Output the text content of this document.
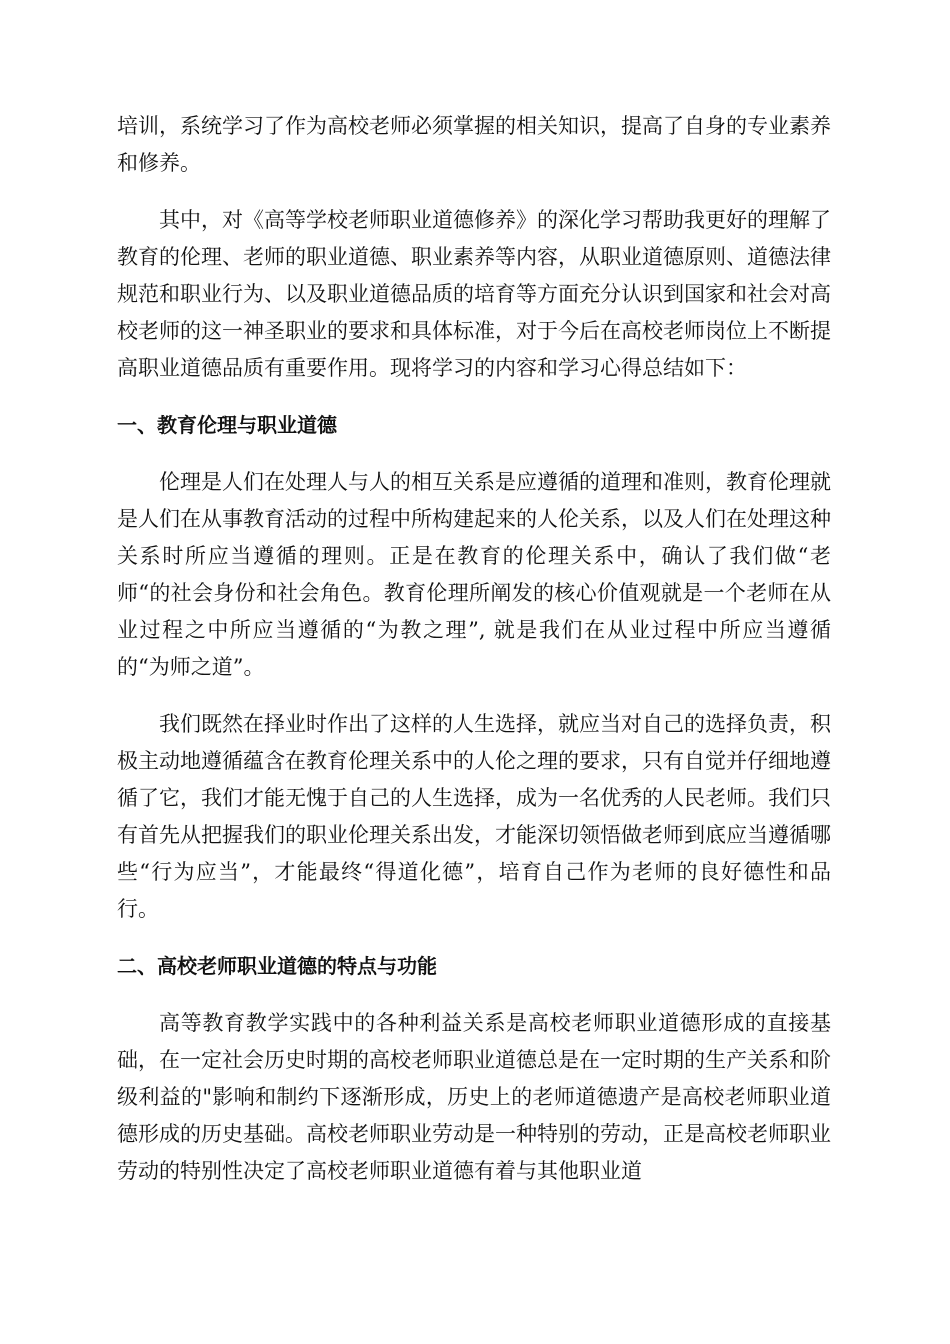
培训，系统学习了作为高校老师必须掌握的相关知识，提高了自身的专业素养和修养。

其中，对《高等学校老师职业道德修养》的深化学习帮助我更好的理解了教育的伦理、老师的职业道德、职业素养等内容，从职业道德原则、道德法律规范和职业行为、以及职业道德品质的培育等方面充分认识到国家和社会对高校老师的这一神圣职业的要求和具体标准，对于今后在高校老师岗位上不断提高职业道德品质有重要作用。现将学习的内容和学习心得总结如下：

一、教育伦理与职业道德

伦理是人们在处理人与人的相互关系是应遵循的道理和准则，教育伦理就是人们在从事教育活动的过程中所构建起来的人伦关系，以及人们在处理这种关系时所应当遵循的理则。正是在教育的伦理关系中，确认了我们做“老师“的社会身份和社会角色。教育伦理所阐发的核心价值观就是一个老师在从业过程之中所应当遵循的“为教之理”, 就是我们在从业过程中所应当遵循的“为师之道”。

我们既然在择业时作出了这样的人生选择，就应当对自己的选择负责，积极主动地遵循蕴含在教育伦理关系中的人伦之理的要求，只有自觉并仔细地遵循了它，我们才能无愧于自己的人生选择，成为一名优秀的人民老师。我们只有首先从把握我们的职业伦理关系出发，才能深切领悟做老师到底应当遵循哪些“行为应当”，才能最终“得道化德”，培育自己作为老师的良好德性和品行。

二、高校老师职业道德的特点与功能

高等教育教学实践中的各种利益关系是高校老师职业道德形成的直接基础，在一定社会历史时期的高校老师职业道德总是在一定时期的生产关系和阶级利益的"影响和制约下逐渐形成，历史上的老师道德遗产是高校老师职业道德形成的历史基础。高校老师职业劳动是一种特别的劳动，正是高校老师职业劳动的特别性决定了高校老师职业道德有着与其他职业道
